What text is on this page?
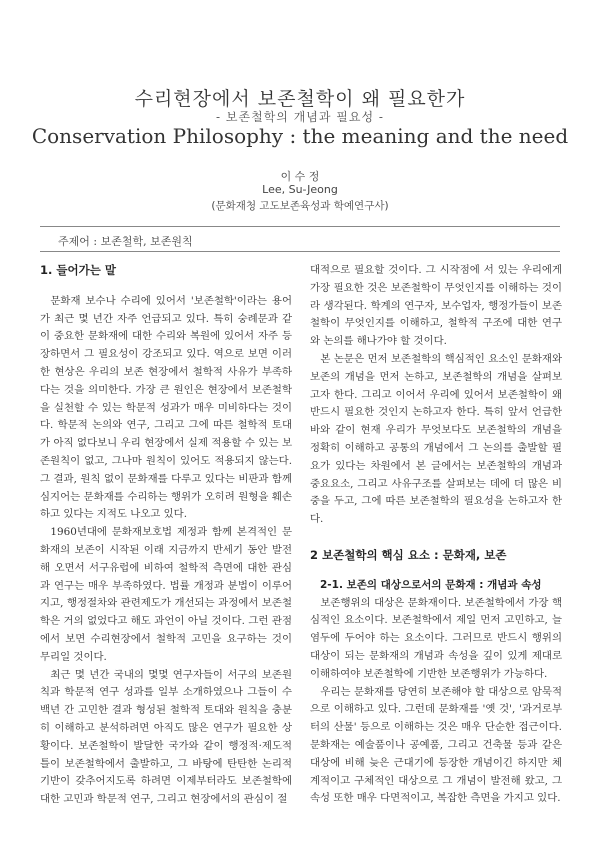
수리현장에서 보존철학이 왜 필요한가
- 보존철학의 개념과 필요성 -
Conservation Philosophy : the meaning and the need
이 수 정
Lee, Su-Jeong
(문화재청 고도보존육성과 학예연구사)
주제어 : 보존철학, 보존원칙
1. 들어가는 말

문화재 보수나 수리에 있어서 '보존철학'이라는 용어가 최근 몇 년간 자주 언급되고 있다. 특히 숭례문과 같이 중요한 문화재에 대한 수리와 복원에 있어서 자주 등장하면서 그 필요성이 강조되고 있다. 역으로 보면 이러한 현상은 우리의 보존 현장에서 철학적 사유가 부족하다는 것을 의미한다. 가장 큰 원인은 현장에서 보존철학을 실천할 수 있는 학문적 성과가 매우 미비하다는 것이다. 학문적 논의와 연구, 그리고 그에 따른 철학적 토대가 아직 없다보니 우리 현장에서 실제 적용할 수 있는 보존원칙이 없고, 그나마 원칙이 있어도 적용되지 않는다. 그 결과, 원칙 없이 문화재를 다루고 있다는 비판과 함께 심지어는 문화재를 수리하는 행위가 오히려 원형을 훼손하고 있다는 지적도 나오고 있다.

1960년대에 문화재보호법 제정과 함께 본격적인 문화재의 보존이 시작된 이래 지금까지 반세기 동안 발전해 오면서 서구유럽에 비하여 철학적 측면에 대한 관심과 연구는 매우 부족하였다. 법률 개정과 분법이 이루어지고, 행정절차와 관련제도가 개선되는 과정에서 보존철학은 거의 없었다고 해도 과언이 아닐 것이다. 그런 관점에서 보면 수리현장에서 철학적 고민을 요구하는 것이 무리일 것이다.

최근 몇 년간 국내의 몇몇 연구자들이 서구의 보존원칙과 학문적 연구 성과를 일부 소개하였으나 그들이 수백년 간 고민한 결과 형성된 철학적 토대와 원칙을 충분히 이해하고 분석하려면 아직도 많은 연구가 필요한 상황이다. 보존철학이 발달한 국가와 같이 행정적·제도적 틀이 보존철학에서 출발하고, 그 바탕에 탄탄한 논리적 기반이 갖추어지도록 하려면 이제부터라도 보존철학에 대한 고민과 학문적 연구, 그리고 현장에서의 관심이 절

대적으로 필요할 것이다. 그 시작점에 서 있는 우리에게 가장 필요한 것은 보존철학이 무엇인지를 이해하는 것이라 생각된다. 학계의 연구자, 보수업자, 행정가들이 보존철학이 무엇인지를 이해하고, 철학적 구조에 대한 연구와 논의를 해나가야 할 것이다.

본 논문은 먼저 보존철학의 핵심적인 요소인 문화재와 보존의 개념을 먼저 논하고, 보존철학의 개념을 살펴보고자 한다. 그리고 이어서 우리에 있어서 보존철학이 왜 반드시 필요한 것인지 논하고자 한다. 특히 앞서 언급한 바와 같이 현재 우리가 무엇보다도 보존철학의 개념을 정확히 이해하고 공통의 개념에서 그 논의를 출발할 필요가 있다는 차원에서 본 글에서는 보존철학의 개념과 중요요소, 그리고 사유구조를 살펴보는 데에 더 많은 비중을 두고, 그에 따른 보존철학의 필요성을 논하고자 한다.

2 보존철학의 핵심 요소 : 문화재, 보존
2-1. 보존의 대상으로서의 문화재 : 개념과 속성

보존행위의 대상은 문화재이다. 보존철학에서 가장 핵심적인 요소이다. 보존철학에서 제일 먼저 고민하고, 늘 염두에 두어야 하는 요소이다. 그러므로 반드시 행위의 대상이 되는 문화재의 개념과 속성을 깊이 있게 제대로 이해하여야 보존철학에 기반한 보존행위가 가능하다.

우리는 문화재를 당연히 보존해야 할 대상으로 암묵적으로 이해하고 있다. 그런데 문화재를 '옛 것', '과거로부터의 산물' 등으로 이해하는 것은 매우 단순한 접근이다. 문화재는 예술품이나 공예품, 그리고 건축물 등과 같은 대상에 비해 늦은 근대기에 등장한 개념이긴 하지만 체계적이고 구체적인 대상으로 그 개념이 발전해 왔고, 그 속성 또한 매우 다면적이고, 복잡한 측면을 가지고 있다.
